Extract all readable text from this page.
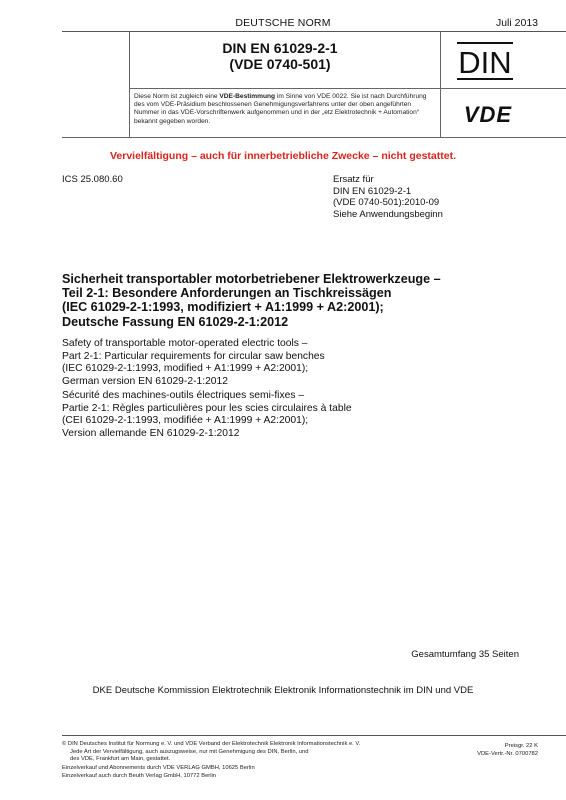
DEUTSCHE NORM	Juli 2013
DIN EN 61029-2-1
(VDE 0740-501)	DIN
VDE
Diese Norm ist zugleich eine VDE-Bestimmung im Sinne von VDE 0022. Sie ist nach Durchführung des vom VDE-Präsidium beschlossenen Genehmigungsverfahrens unter der oben angeführten Nummer in das VDE-Vorschriftenwerk aufgenommen und in der „etz Elektrotechnik + Automation“ bekannt gegeben worden.
Vervielfältigung – auch für innerbetriebliche Zwecke – nicht gestattet.
ICS 25.080.60	Ersatz für
DIN EN 61029-2-1
(VDE 0740-501):2010-09
Siehe Anwendungsbeginn
Sicherheit transportabler motorbetriebener Elektrowerkzeuge –
Teil 2-1: Besondere Anforderungen an Tischkreissägen
(IEC 61029-2-1:1993, modifiziert + A1:1999 + A2:2001);
Deutsche Fassung EN 61029-2-1:2012
Safety of transportable motor-operated electric tools –
Part 2-1: Particular requirements for circular saw benches
(IEC 61029-2-1:1993, modified + A1:1999 + A2:2001);
German version EN 61029-2-1:2012
Sécurité des machines-outils électriques semi-fixes –
Partie 2-1: Règles particulières pour les scies circulaires à table
(CEI 61029-2-1:1993, modifiée + A1:1999 + A2:2001);
Version allemande EN 61029-2-1:2012
Gesamtumfang 35 Seiten
DKE Deutsche Kommission Elektrotechnik Elektronik Informationstechnik im DIN und VDE
© DIN Deutsches Institut für Normung e. V. und VDE Verband der Elektrotechnik Elektronik Informationstechnik e. V.
Jede Art der Vervielfältigung, auch auszugsweise, nur mit Genehmigung des DIN, Berlin, und
des VDE, Frankfurt am Main, gestattet.
Einzelverkauf und Abonnements durch VDE VERLAG GMBH, 10625 Berlin
Einzelverkauf auch durch Beuth Verlag GmbH, 10772 Berlin
Preisgr. 22 K
VDE-Vertr.-Nr. 0700782
